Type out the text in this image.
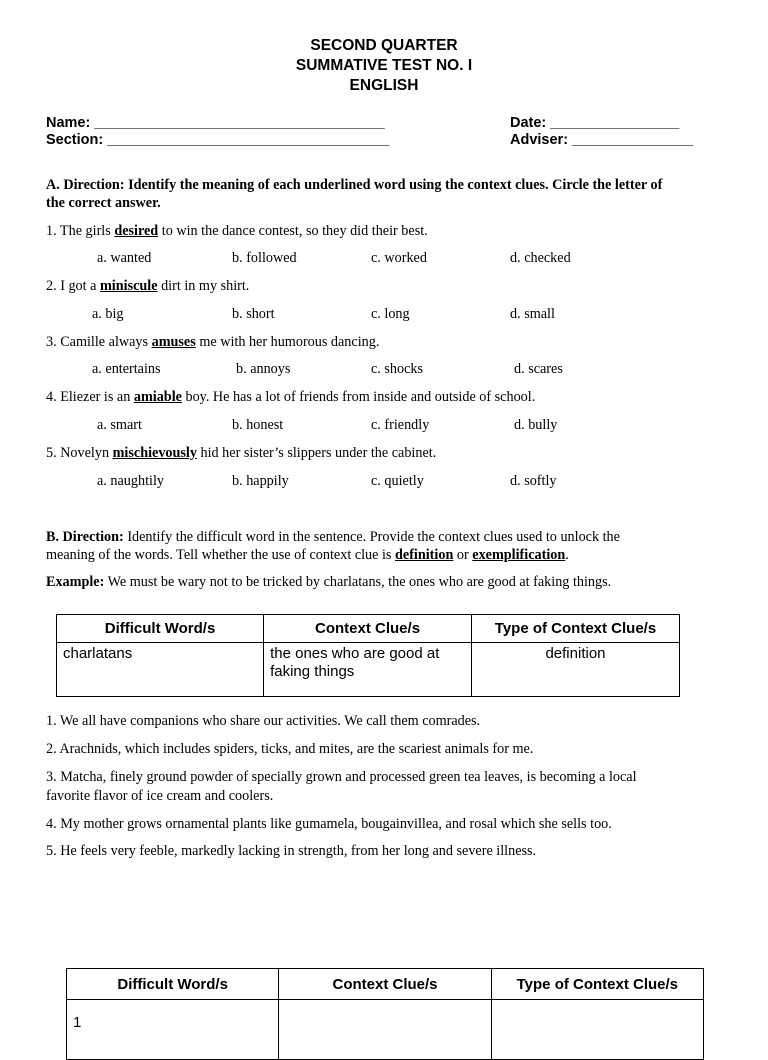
SECOND QUARTER
SUMMATIVE TEST NO. I
ENGLISH
Name: ____________________________________
Section: ___________________________________
Date: ________________
Adviser: _______________
A. Direction: Identify the meaning of each underlined word using the context clues. Circle the letter of
the correct answer.
1. The girls desired to win the dance contest, so they did their best.
a. wanted	b. followed	c. worked	d. checked
2. I got a miniscule dirt in my shirt.
a. big	b. short	c. long	d. small
3. Camille always amuses me with her humorous dancing.
a. entertains	b. annoys	c. shocks	d. scares
4. Eliezer is an amiable boy. He has a lot of friends from inside and outside of school.
a. smart	b. honest	c. friendly	d. bully
5. Novelyn mischievously hid her sister’s slippers under the cabinet.
a. naughtily	b. happily	c. quietly	d. softly
B. Direction: Identify the difficult word in the sentence. Provide the context clues used to unlock the
meaning of the words. Tell whether the use of context clue is definition or exemplification.
Example: We must be wary not to be tricked by charlatans, the ones who are good at faking things.
Difficult Word/s	Context Clue/s	Type of Context Clue/s
charlatans	the ones who are good at
faking things	definition
1. We all have companions who share our activities. We call them comrades.
2. Arachnids, which includes spiders, ticks, and mites, are the scariest animals for me.
3. Matcha, finely ground powder of specially grown and processed green tea leaves, is becoming a local
favorite flavor of ice cream and coolers.
4. My mother grows ornamental plants like gumamela, bougainvillea, and rosal which she sells too.
5. He feels very feeble, markedly lacking in strength, from her long and severe illness.
Difficult Word/s	Context Clue/s	Type of Context Clue/s
1		
